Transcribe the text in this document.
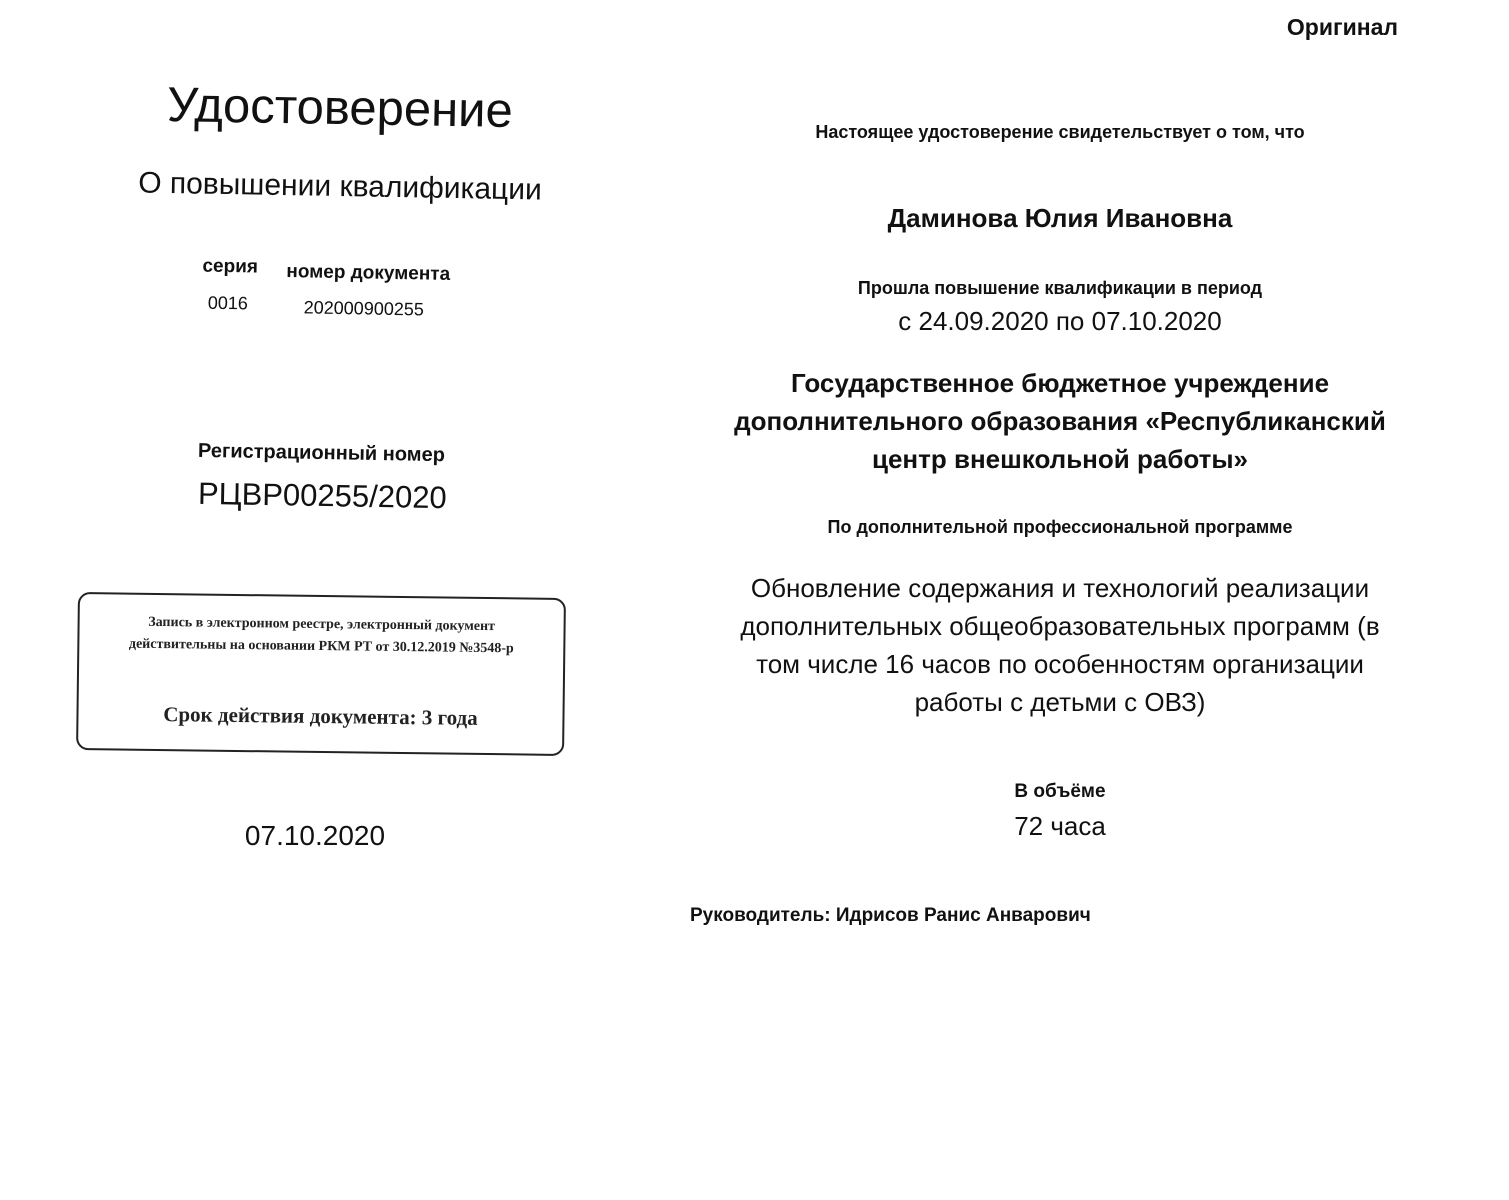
Оригинал
Удостоверение
О повышении квалификации
серия
0016
номер документа
202000900255
Регистрационный номер
РЦВР00255/2020
Запись в электронном реестре, электронный документ
действительны на основании РКМ РТ от 30.12.2019 №3548-р
Срок действия документа: 3 года
07.10.2020
Настоящее удостоверение свидетельствует о том, что
Даминова Юлия Ивановна
Прошла повышение квалификации в период
с 24.09.2020 по 07.10.2020
Государственное бюджетное учреждение
дополнительного образования «Республиканский
центр внешкольной работы»
По дополнительной профессиональной программе
Обновление содержания и технологий реализации
дополнительных общеобразовательных программ (в
том числе 16 часов по особенностям организации
работы с детьми с ОВЗ)
В объёме
72 часа
Руководитель: Идрисов Ранис Анварович
